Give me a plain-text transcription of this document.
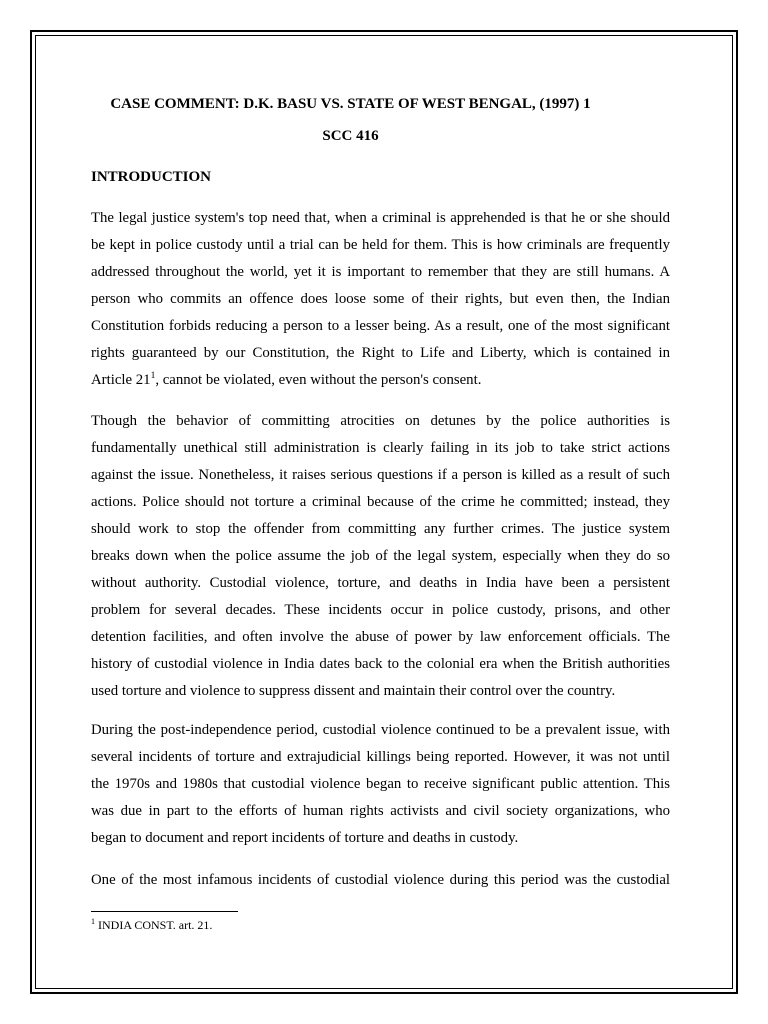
CASE COMMENT: D.K. BASU VS. STATE OF WEST BENGAL, (1997) 1
SCC 416
INTRODUCTION
The legal justice system's top need that, when a criminal is apprehended is that he or she should
be kept in police custody until a trial can be held for them. This is how criminals are frequently
addressed throughout the world, yet it is important to remember that they are still humans. A
person who commits an offence does loose some of their rights, but even then, the Indian
Constitution forbids reducing a person to a lesser being. As a result, one of the most significant
rights guaranteed by our Constitution, the Right to Life and Liberty, which is contained in
Article $21^1$, cannot be violated, even without the person's consent.
Though the behavior of committing atrocities on detunes by the police authorities is
fundamentally unethical still administration is clearly failing in its job to take strict actions
against the issue. Nonetheless, it raises serious questions if a person is killed as a result of such
actions. Police should not torture a criminal because of the crime he committed; instead, they
should work to stop the offender from committing any further crimes. The justice system
breaks down when the police assume the job of the legal system, especially when they do so
without authority. Custodial violence, torture, and deaths in India have been a persistent
problem for several decades. These incidents occur in police custody, prisons, and other
detention facilities, and often involve the abuse of power by law enforcement officials. The
history of custodial violence in India dates back to the colonial era when the British authorities
used torture and violence to suppress dissent and maintain their control over the country.
During the post-independence period, custodial violence continued to be a prevalent issue, with
several incidents of torture and extrajudicial killings being reported. However, it was not until
the 1970s and 1980s that custodial violence began to receive significant public attention. This
was due in part to the efforts of human rights activists and civil society organizations, who
began to document and report incidents of torture and deaths in custody.
One of the most infamous incidents of custodial violence during this period was the custodial
$^1$ INDIA CONST. art. 21.
